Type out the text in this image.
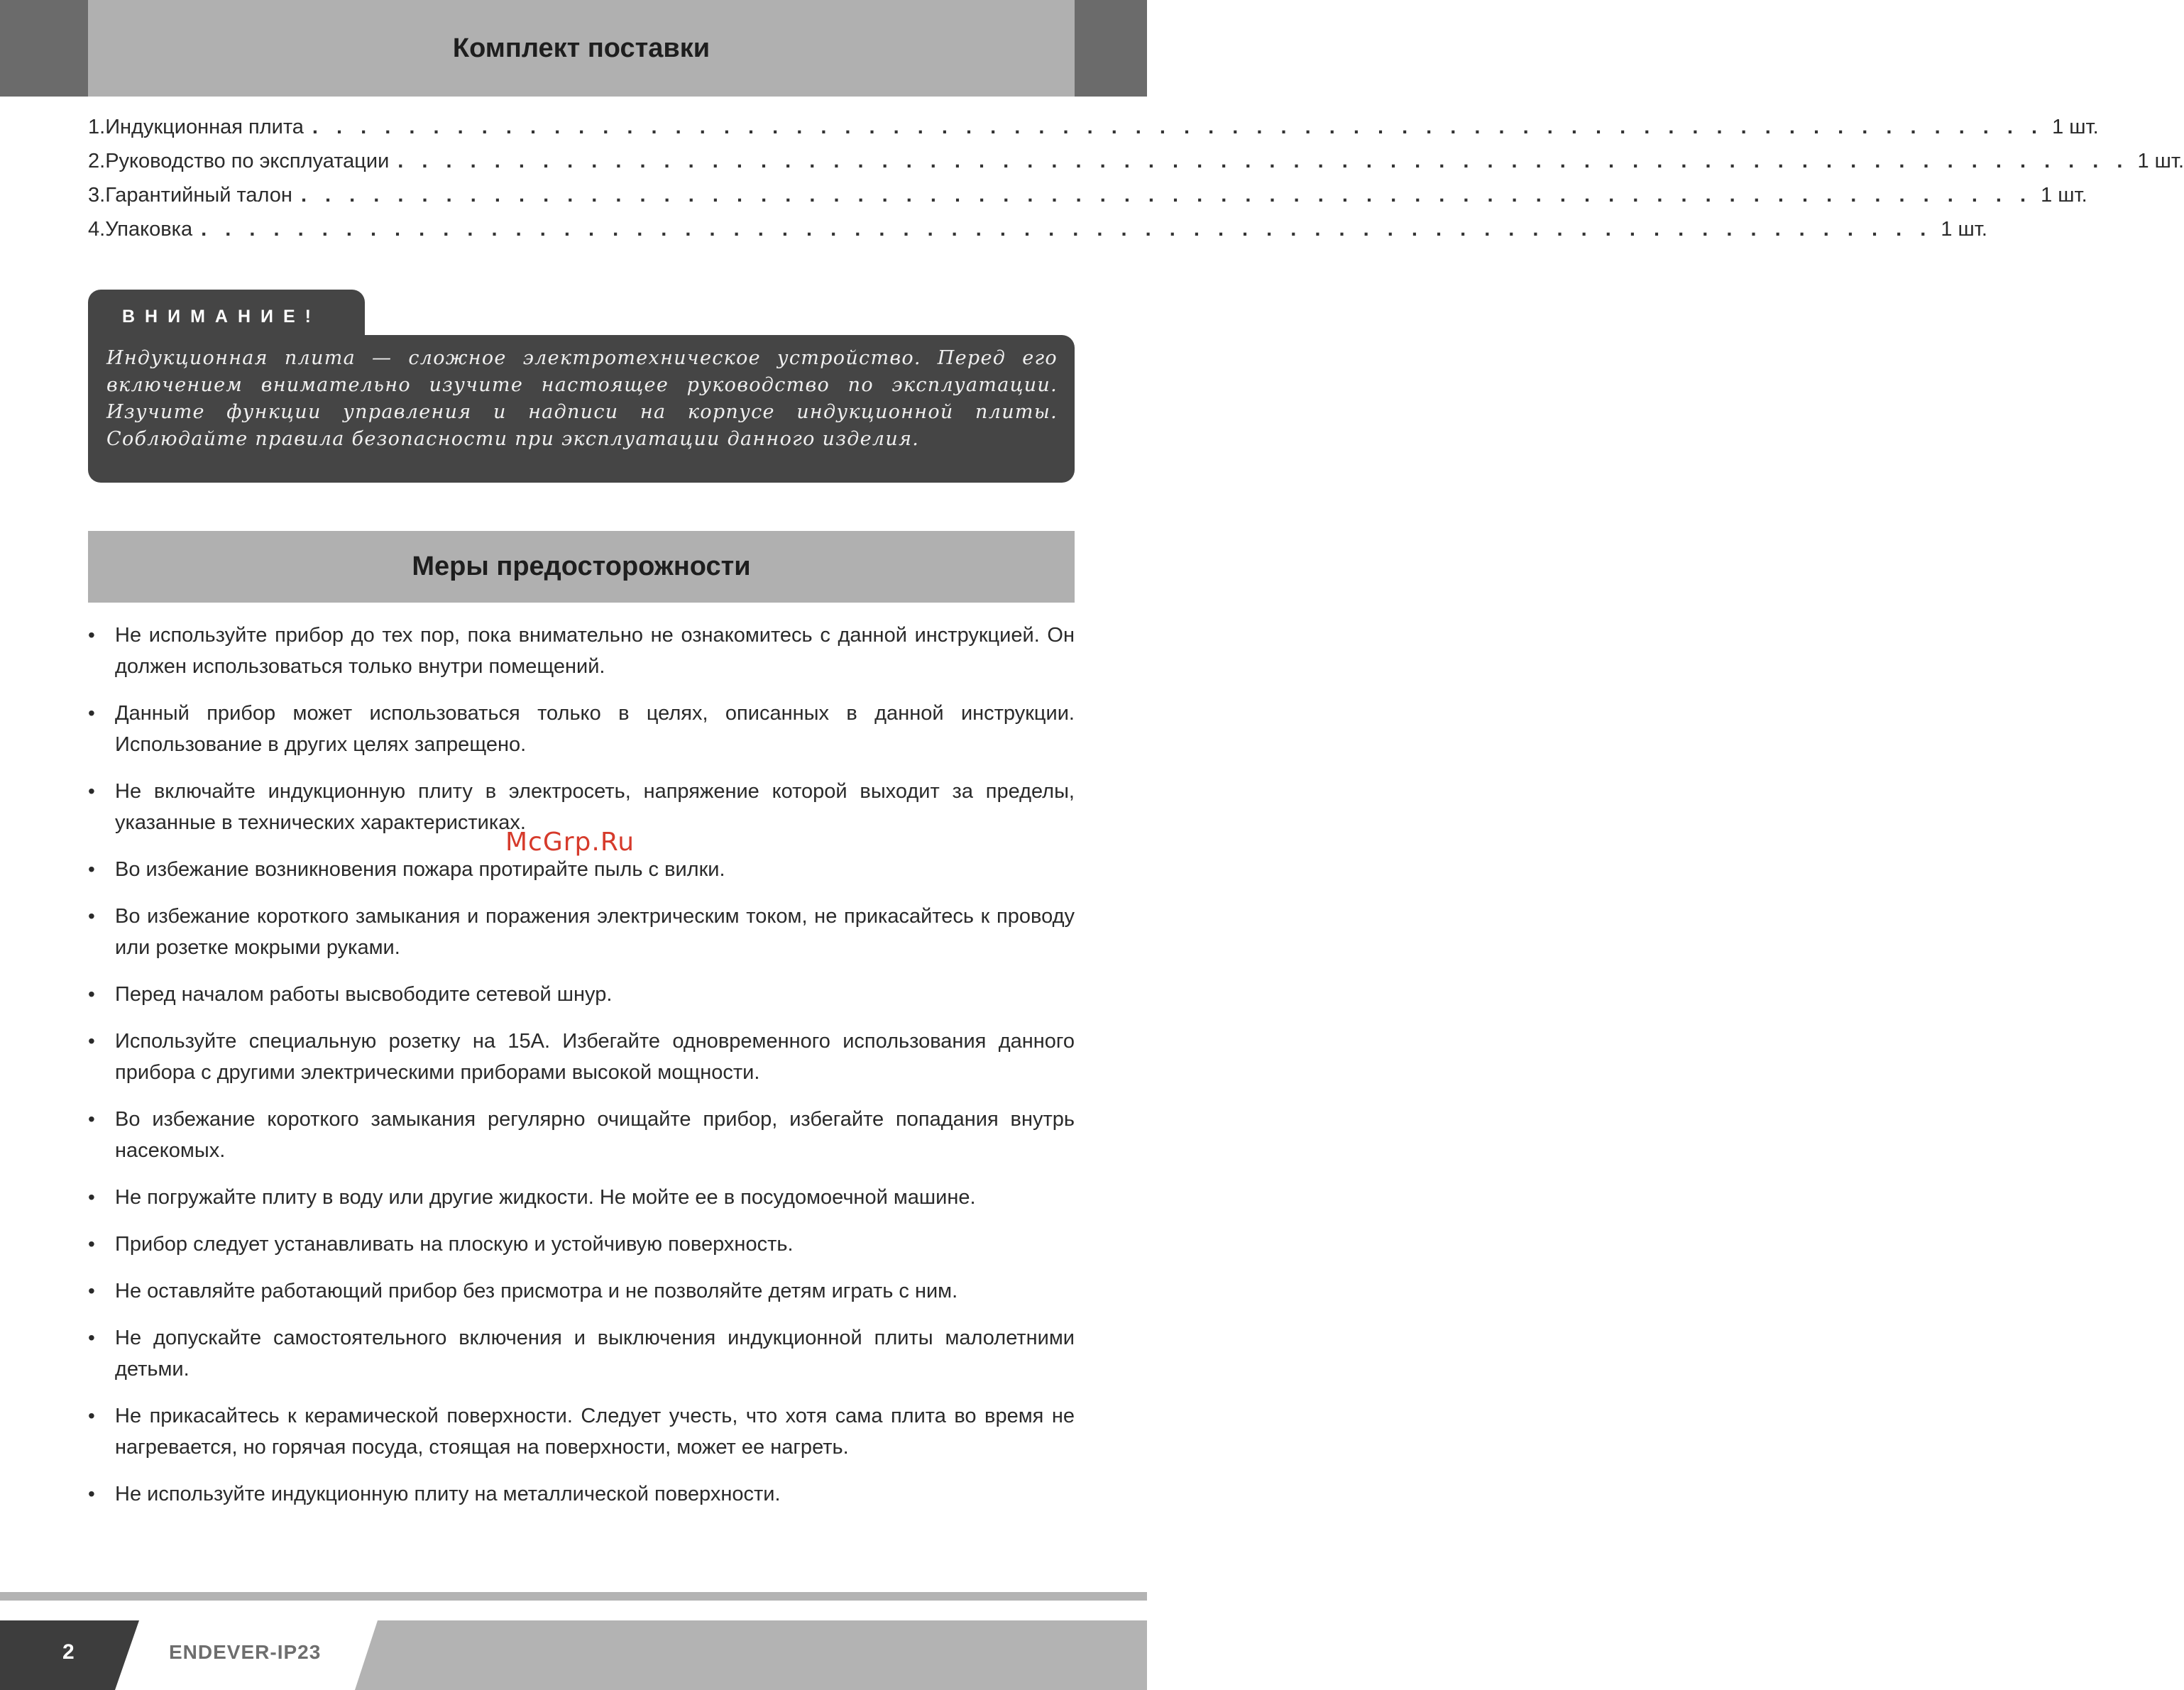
Комплект поставки
1. Индукционная плита . . . . . . . . . . . . . . . . . . . . . . . . . . . . . . . . . . . . . . . . . . . . . . . . . . . . . . . . . . . . . . . . . . . . . . . . 1 шт.
2. Руководство по эксплуатации . . . . . . . . . . . . . . . . . . . . . . . . . . . . . . . . . . . . . . . . . . . . . . . . . . . . . . . . . . . . . . . . . . . . . . . . 1 шт.
3. Гарантийный талон . . . . . . . . . . . . . . . . . . . . . . . . . . . . . . . . . . . . . . . . . . . . . . . . . . . . . . . . . . . . . . . . . . . . . . . . 1 шт.
4. Упаковка . . . . . . . . . . . . . . . . . . . . . . . . . . . . . . . . . . . . . . . . . . . . . . . . . . . . . . . . . . . . . . . . . . . . . . . . 1 шт.
ВНИМАНИЕ!
Индукционная плита — сложное электротехническое устройство. Перед его включением внимательно изучите настоящее руководство по эксплуатации. Изучите функции управления и надписи на корпусе индукционной плиты. Соблюдайте правила безопасности при эксплуатации данного изделия.
Меры предосторожности
• Не используйте прибор до тех пор, пока внимательно не ознакомитесь с данной инструкцией. Он должен использоваться только внутри помещений.
• Данный прибор может использоваться только в целях, описанных в данной инструкции. Использование в других целях запрещено.
• Не включайте индукционную плиту в электросеть, напряжение которой выходит за пределы, указанные в технических характеристиках.
• Во избежание возникновения пожара протирайте пыль с вилки.
• Во избежание короткого замыкания и поражения электрическим током, не прикасайтесь к проводу или розетке мокрыми руками.
• Перед началом работы высвободите сетевой шнур.
• Используйте специальную розетку на 15А. Избегайте одновременного использования данного прибора с другими электрическими приборами высокой мощности.
• Во избежание короткого замыкания регулярно очищайте прибор, избегайте попадания внутрь насекомых.
• Не погружайте плиту в воду или другие жидкости. Не мойте ее в посудомоечной машине.
• Прибор следует устанавливать на плоскую и устойчивую поверхность.
• Не оставляйте работающий прибор без присмотра и не позволяйте детям играть с ним.
• Не допускайте самостоятельного включения и выключения индукционной плиты малолетними детьми.
• Не прикасайтесь к керамической поверхности. Следует учесть, что хотя сама плита во время не нагревается, но горячая посуда, стоящая на поверхности, может ее нагреть.
• Не используйте индукционную плиту на металлической поверхности.
McGrp.Ru
2	ENDEVER-IP23
